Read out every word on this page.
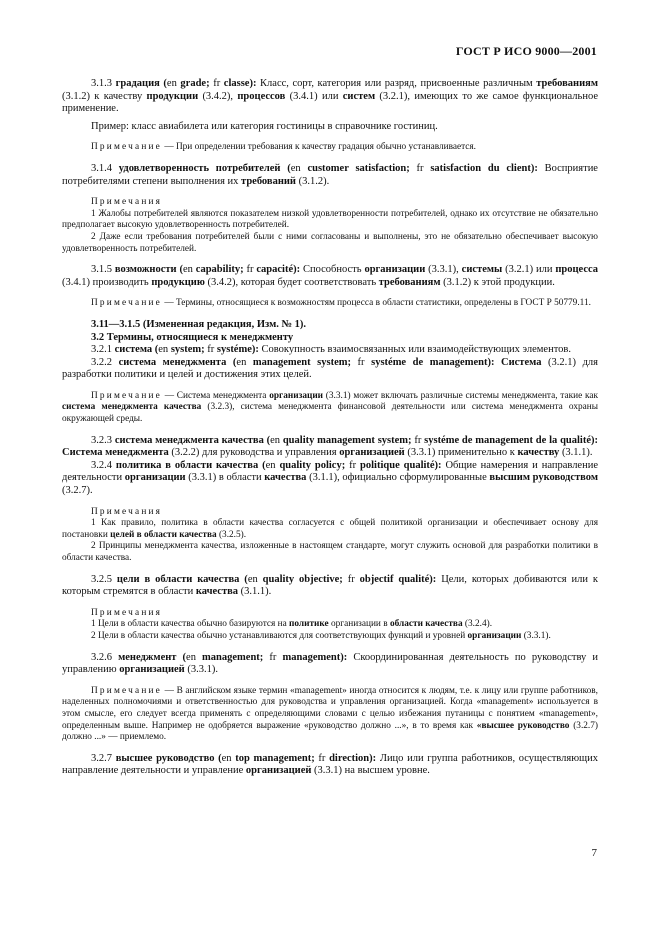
ГОСТ Р ИСО 9000—2001

3.1.3 градация (en grade; fr classe): Класс, сорт, категория или разряд, присвоенные различным требованиям (3.1.2) к качеству продукции (3.4.2), процессов (3.4.1) или систем (3.2.1), имеющих то же самое функциональное применение.

Пример: класс авиабилета или категория гостиницы в справочнике гостиниц.

Примечание — При определении требования к качеству градация обычно устанавливается.

3.1.4 удовлетворенность потребителей (en customer satisfaction; fr satisfaction du client): Восприятие потребителями степени выполнения их требований (3.1.2).

Примечания

1 Жалобы потребителей являются показателем низкой удовлетворенности потребителей, однако их отсутствие не обязательно предполагает высокую удовлетворенность потребителей.

2 Даже если требования потребителей были с ними согласованы и выполнены, это не обязательно обеспечивает высокую удовлетворенность потребителей.

3.1.5 возможности (en capability; fr capacité): Способность организации (3.3.1), системы (3.2.1) или процесса (3.4.1) производить продукцию (3.4.2), которая будет соответствовать требованиям (3.1.2) к этой продукции.

Примечание — Термины, относящиеся к возможностям процесса в области статистики, определены в ГОСТ Р 50779.11.

3.11—3.1.5 (Измененная редакция, Изм. № 1).

3.2 Термины, относящиеся к менеджменту

3.2.1 система (en system; fr systéme): Совокупность взаимосвязанных или взаимодействующих элементов.

3.2.2 система менеджмента (en management system; fr systéme de management): Система (3.2.1) для разработки политики и целей и достижения этих целей.

Примечание — Система менеджмента организации (3.3.1) может включать различные системы менеджмента, такие как система менеджмента качества (3.2.3), система менеджмента финансовой деятельности или система менеджмента охраны окружающей среды.

3.2.3 система менеджмента качества (en quality management system; fr systéme de management de la qualité): Система менеджмента (3.2.2) для руководства и управления организацией (3.3.1) применительно к качеству (3.1.1).

3.2.4 политика в области качества (en quality policy; fr politique qualité): Общие намерения и направление деятельности организации (3.3.1) в области качества (3.1.1), официально сформулированные высшим руководством (3.2.7).

Примечания

1 Как правило, политика в области качества согласуется с общей политикой организации и обеспечивает основу для постановки целей в области качества (3.2.5).

2 Принципы менеджмента качества, изложенные в настоящем стандарте, могут служить основой для разработки политики в области качества.

3.2.5 цели в области качества (en quality objective; fr objectif qualité): Цели, которых добиваются или к которым стремятся в области качества (3.1.1).

Примечания

1 Цели в области качества обычно базируются на политике организации в области качества (3.2.4).

2 Цели в области качества обычно устанавливаются для соответствующих функций и уровней организации (3.3.1).

3.2.6 менеджмент (en management; fr management): Скоординированная деятельность по руководству и управлению организацией (3.3.1).

Примечание — В английском языке термин «management» иногда относится к людям, т.е. к лицу или группе работников, наделенных полномочиями и ответственностью для руководства и управления организацией. Когда «management» используется в этом смысле, его следует всегда применять с определяющими словами с целью избежания путаницы с понятием «management», определенным выше. Например не одобряется выражение «руководство должно ...», в то время как «высшее руководство (3.2.7) должно ...» — приемлемо.

3.2.7 высшее руководство (en top management; fr direction): Лицо или группа работников, осуществляющих направление деятельности и управление организацией (3.3.1) на высшем уровне.

7
